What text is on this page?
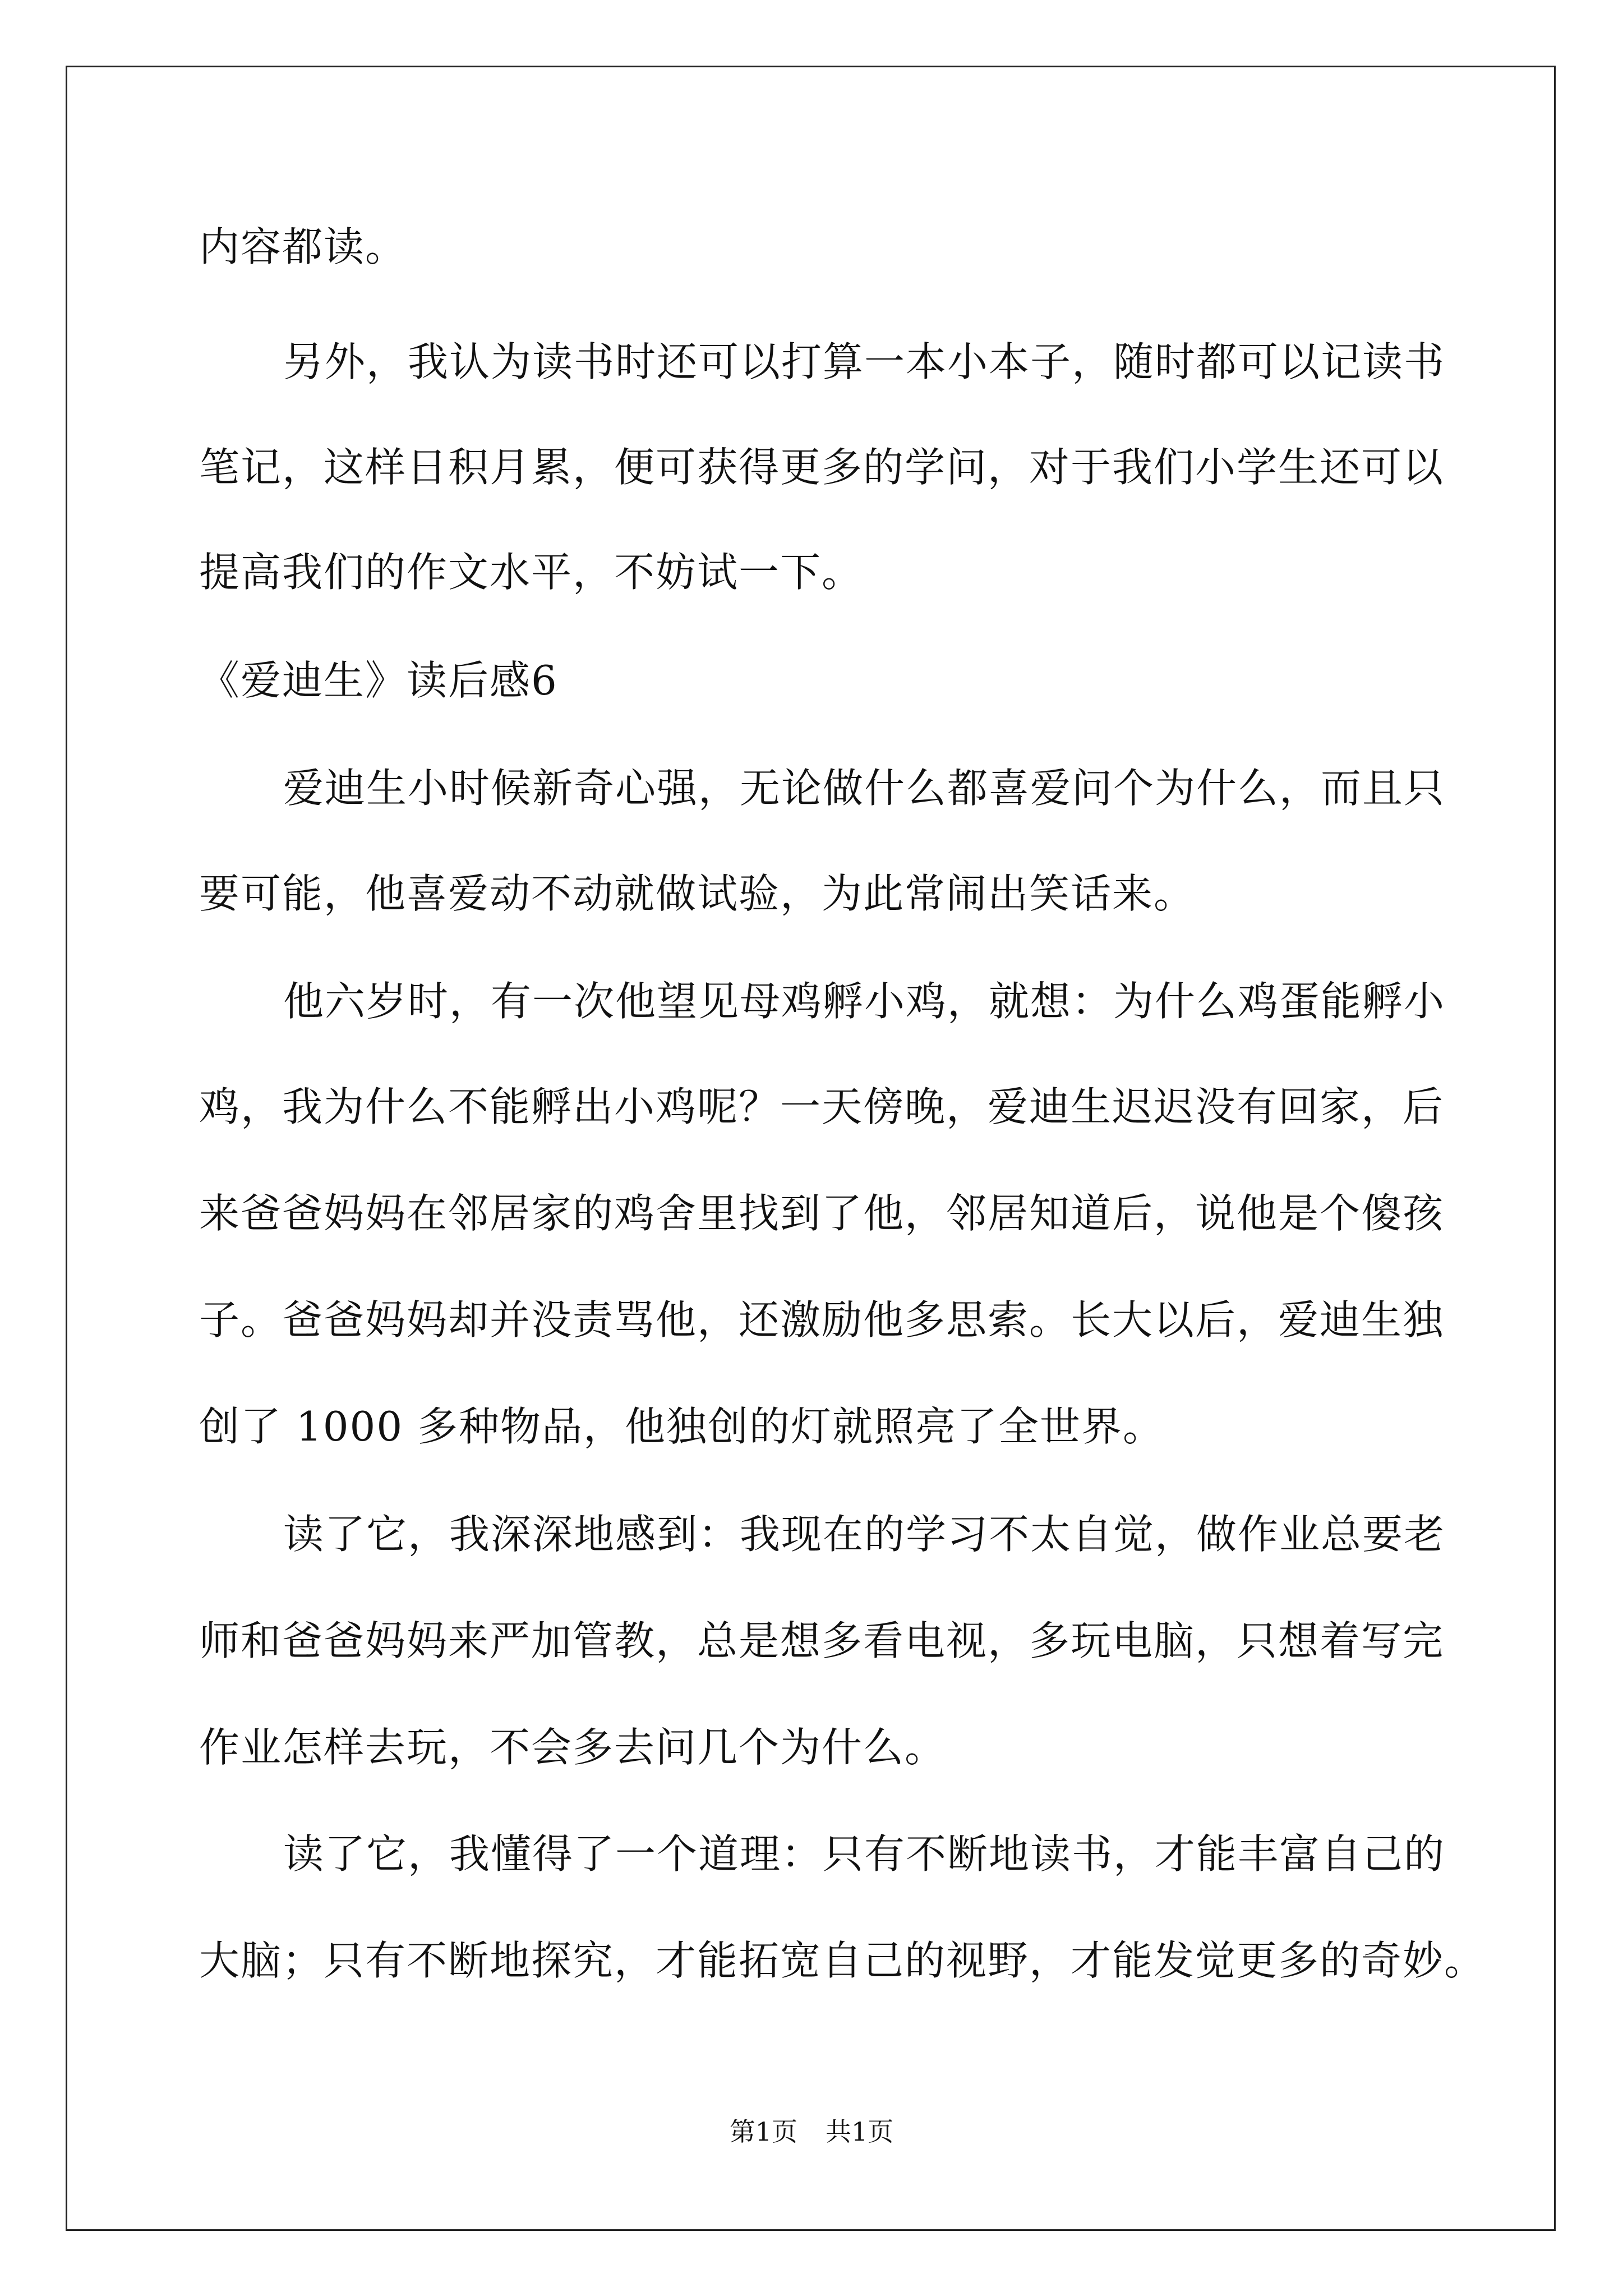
内容都读。
另外，我认为读书时还可以打算一本小本子，随时都可以记读书
笔记，这样日积月累，便可获得更多的学问，对于我们小学生还可以
提高我们的作文水平，不妨试一下。
《爱迪生》读后感6
爱迪生小时候新奇心强，无论做什么都喜爱问个为什么，而且只
要可能，他喜爱动不动就做试验，为此常闹出笑话来。
他六岁时，有一次他望见母鸡孵小鸡，就想：为什么鸡蛋能孵小
鸡，我为什么不能孵出小鸡呢？一天傍晚，爱迪生迟迟没有回家，后
来爸爸妈妈在邻居家的鸡舍里找到了他，邻居知道后，说他是个傻孩
子。爸爸妈妈却并没责骂他，还激励他多思索。长大以后，爱迪生独
创了 1000 多种物品，他独创的灯就照亮了全世界。
读了它，我深深地感到：我现在的学习不太自觉，做作业总要老
师和爸爸妈妈来严加管教，总是想多看电视，多玩电脑，只想着写完
作业怎样去玩，不会多去问几个为什么。
读了它，我懂得了一个道理：只有不断地读书，才能丰富自己的
大脑；只有不断地探究，才能拓宽自己的视野，才能发觉更多的奇妙。
第1页 共1页
